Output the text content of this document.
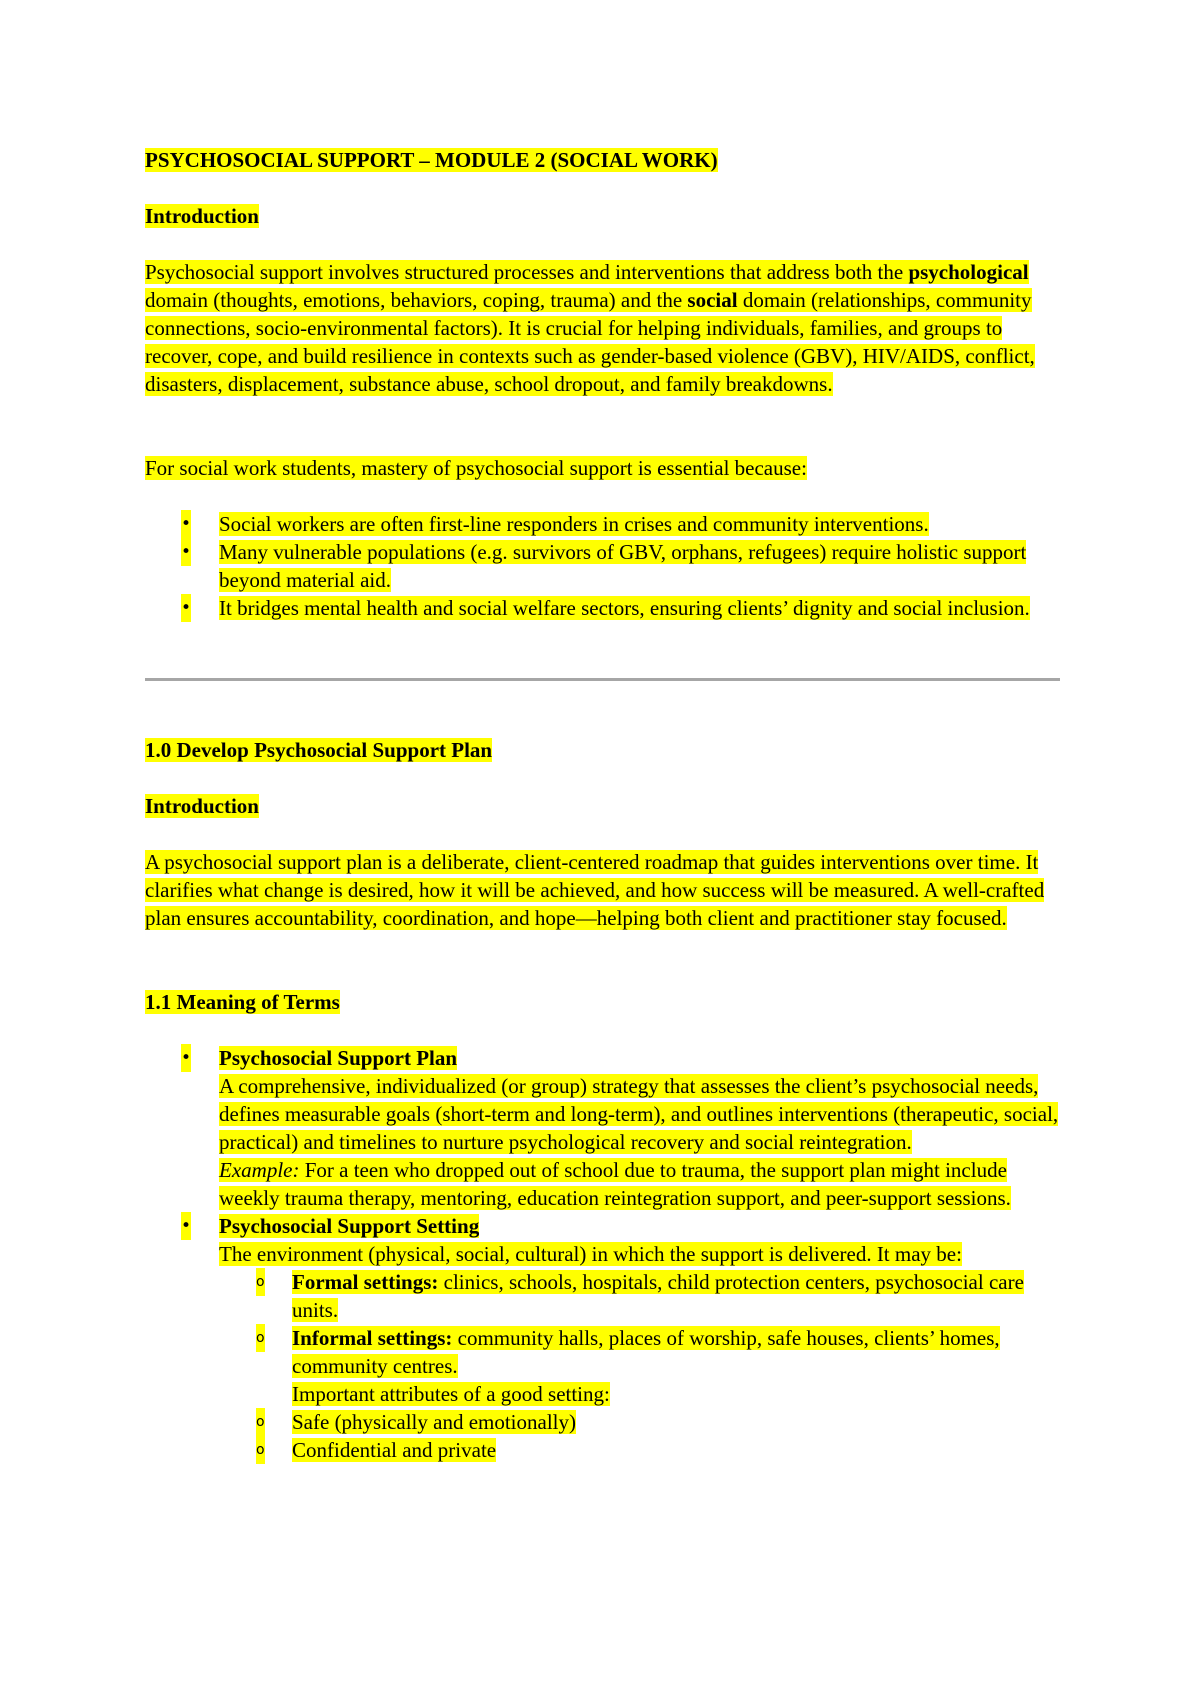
PSYCHOSOCIAL SUPPORT – MODULE 2 (SOCIAL WORK)

Introduction

Psychosocial support involves structured processes and interventions that address both the psychological domain (thoughts, emotions, behaviors, coping, trauma) and the social domain (relationships, community connections, socio-environmental factors). It is crucial for helping individuals, families, and groups to recover, cope, and build resilience in contexts such as gender-based violence (GBV), HIV/AIDS, conflict, disasters, displacement, substance abuse, school dropout, and family breakdowns.

For social work students, mastery of psychosocial support is essential because:

• Social workers are often first-line responders in crises and community interventions.
• Many vulnerable populations (e.g. survivors of GBV, orphans, refugees) require holistic support beyond material aid.
• It bridges mental health and social welfare sectors, ensuring clients’ dignity and social inclusion.

1.0 Develop Psychosocial Support Plan

Introduction

A psychosocial support plan is a deliberate, client-centered roadmap that guides interventions over time. It clarifies what change is desired, how it will be achieved, and how success will be measured. A well-crafted plan ensures accountability, coordination, and hope—helping both client and practitioner stay focused.

1.1 Meaning of Terms

• Psychosocial Support Plan
A comprehensive, individualized (or group) strategy that assesses the client’s psychosocial needs, defines measurable goals (short-term and long-term), and outlines interventions (therapeutic, social, practical) and timelines to nurture psychological recovery and social reintegration.
Example: For a teen who dropped out of school due to trauma, the support plan might include weekly trauma therapy, mentoring, education reintegration support, and peer-support sessions.
• Psychosocial Support Setting
The environment (physical, social, cultural) in which the support is delivered. It may be:
o Formal settings: clinics, schools, hospitals, child protection centers, psychosocial care units.
o Informal settings: community halls, places of worship, safe houses, clients’ homes, community centres.
Important attributes of a good setting:
o Safe (physically and emotionally)
o Confidential and private
